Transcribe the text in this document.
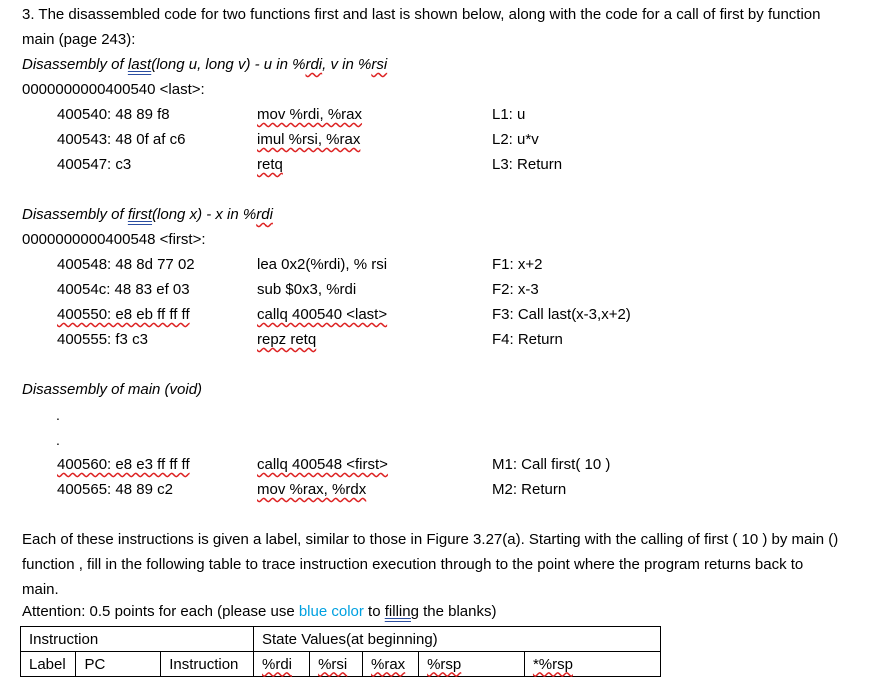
3. The disassembled code for two functions first and last is shown below, along with the code for a call of first by function
main (page 243):
Disassembly of last(long u, long v) - u in %rdi, v in %rsi
0000000000400540 <last>:
400540: 48 89 f8	mov %rdi, %rax	L1: u
400543: 48 0f af c6	imul %rsi, %rax	L2: u*v
400547: c3	retq	L3: Return
Disassembly of first(long x) - x in %rdi
0000000000400548 <first>:
400548: 48 8d 77 02	lea 0x2(%rdi), % rsi	F1: x+2
40054c: 48 83 ef 03	sub $0x3, %rdi	F2: x-3
400550: e8 eb ff ff ff	callq 400540 <last>	F3: Call last(x-3,x+2)
400555: f3 c3	repz retq	F4: Return
Disassembly of main (void)
.
.
400560: e8 e3 ff ff ff	callq 400548 <first>	M1: Call first( 10 )
400565: 48 89 c2	mov %rax, %rdx	M2: Return
Each of these instructions is given a label, similar to those in Figure 3.27(a). Starting with the calling of first ( 10 ) by main ()
function , fill in the following table to trace instruction execution through to the point where the program returns back to
main.
Attention: 0.5 points for each (please use blue color to filling the blanks)
Instruction			State Values(at beginning)				
Label	PC	Instruction	%rdi	%rsi	%rax	%rsp	*%rsp
